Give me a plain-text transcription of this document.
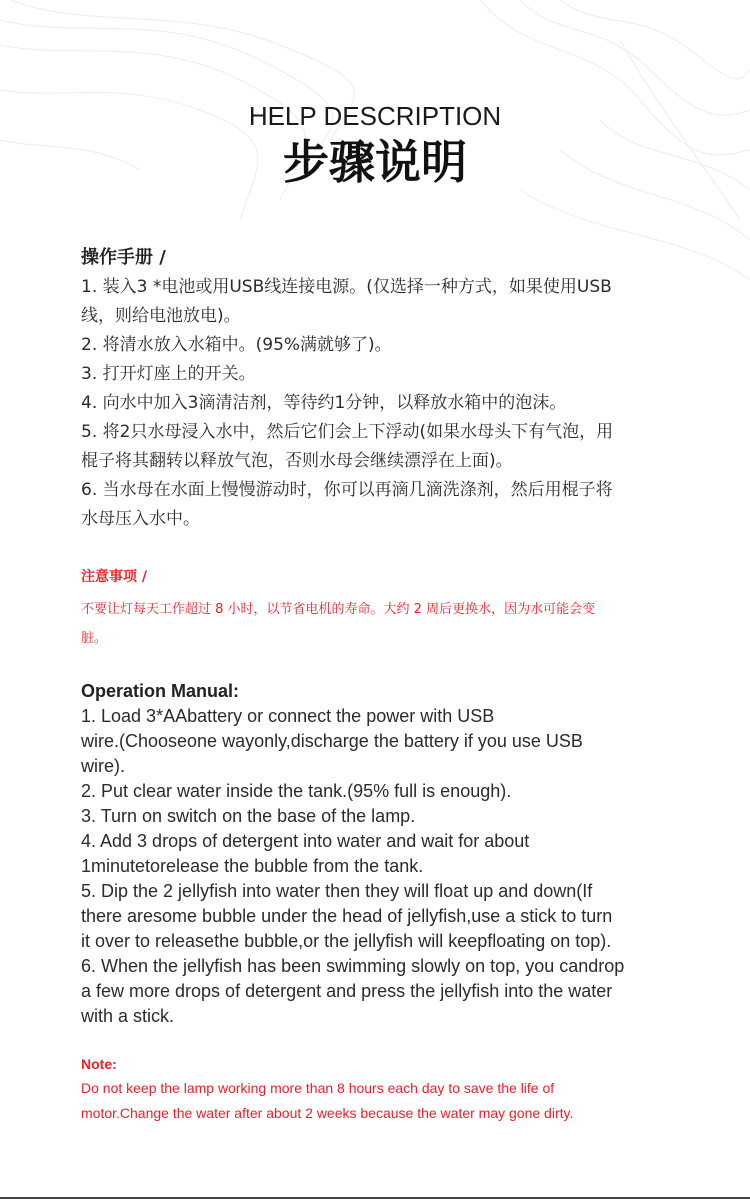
HELP DESCRIPTION
步骤说明
操作手册 /
1. 装入3 *电池或用USB线连接电源。(仅选择一种方式，如果使用USB
线，则给电池放电)。
2. 将清水放入水箱中。(95%满就够了)。
3. 打开灯座上的开关。
4. 向水中加入3滴清洁剂，等待约1分钟，以释放水箱中的泡沫。
5. 将2只水母浸入水中，然后它们会上下浮动(如果水母头下有气泡，用
棍子将其翻转以释放气泡，否则水母会继续漂浮在上面)。
6. 当水母在水面上慢慢游动时，你可以再滴几滴洗涤剂，然后用棍子将
水母压入水中。
注意事项 /
不要让灯每天工作超过 8 小时，以节省电机的寿命。大约 2 周后更换水，因为水可能会变
脏。
Operation Manual:
1. Load 3*AAbattery or connect the power with USB
wire.(Chooseone wayonly,discharge the battery if you use USB
wire).
2. Put clear water inside the tank.(95% full is enough).
3. Turn on switch on the base of the lamp.
4. Add 3 drops of detergent into water and wait for about
1minutetorelease the bubble from the tank.
5. Dip the 2 jellyfish into water then they will float up and down(If
there aresome bubble under the head of jellyfish,use a stick to turn
it over to releasethe bubble,or the jellyfish will keepfloating on top).
6. When the jellyfish has been swimming slowly on top, you candrop
a few more drops of detergent and press the jellyfish into the water
with a stick.
Note:
Do not keep the lamp working more than 8 hours each day to save the life of
motor.Change the water after about 2 weeks because the water may gone dirty.
